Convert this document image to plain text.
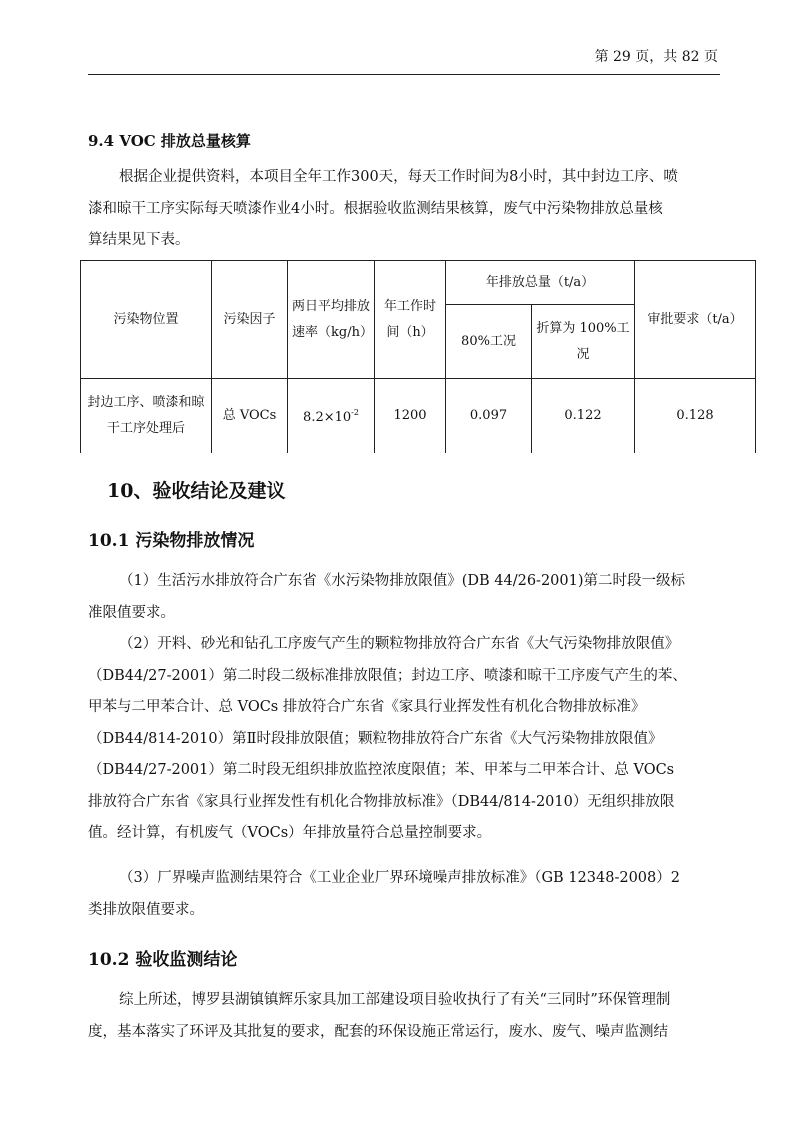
第 29 页，共 82 页
9.4 VOC 排放总量核算
根据企业提供资料，本项目全年工作300天，每天工作时间为8小时，其中封边工序、喷
漆和晾干工序实际每天喷漆作业4小时。根据验收监测结果核算，废气中污染物排放总量核
算结果见下表。
污染物位置	污染因子	两日平均排放速率（kg/h）	年工作时间（h）	年排放总量（t/a）		审批要求（t/a）
				80%工况	折算为 100%工况	
封边工序、喷漆和晾干工序处理后	总 VOCs	$8.2\times 10^{-2}$	1200	0.097	0.122	0.128
10、验收结论及建议
10.1 污染物排放情况
（1）生活污水排放符合广东省《水污染物排放限值》(DB 44/26-2001)第二时段一级标
准限值要求。
（2）开料、砂光和钻孔工序废气产生的颗粒物排放符合广东省《大气污染物排放限值》
（DB44/27-2001）第二时段二级标准排放限值；封边工序、喷漆和晾干工序废气产生的苯、
甲苯与二甲苯合计、总 VOCs 排放符合广东省《家具行业挥发性有机化合物排放标准》
（DB44/814-2010）第Ⅱ时段排放限值；颗粒物排放符合广东省《大气污染物排放限值》
（DB44/27-2001）第二时段无组织排放监控浓度限值；苯、甲苯与二甲苯合计、总 VOCs
排放符合广东省《家具行业挥发性有机化合物排放标准》（DB44/814-2010）无组织排放限
值。经计算，有机废气（VOCs）年排放量符合总量控制要求。
（3）厂界噪声监测结果符合《工业企业厂界环境噪声排放标准》（GB 12348-2008）2
类排放限值要求。
10.2 验收监测结论
综上所述，博罗县湖镇镇辉乐家具加工部建设项目验收执行了有关“三同时”环保管理制
度，基本落实了环评及其批复的要求，配套的环保设施正常运行，废水、废气、噪声监测结
